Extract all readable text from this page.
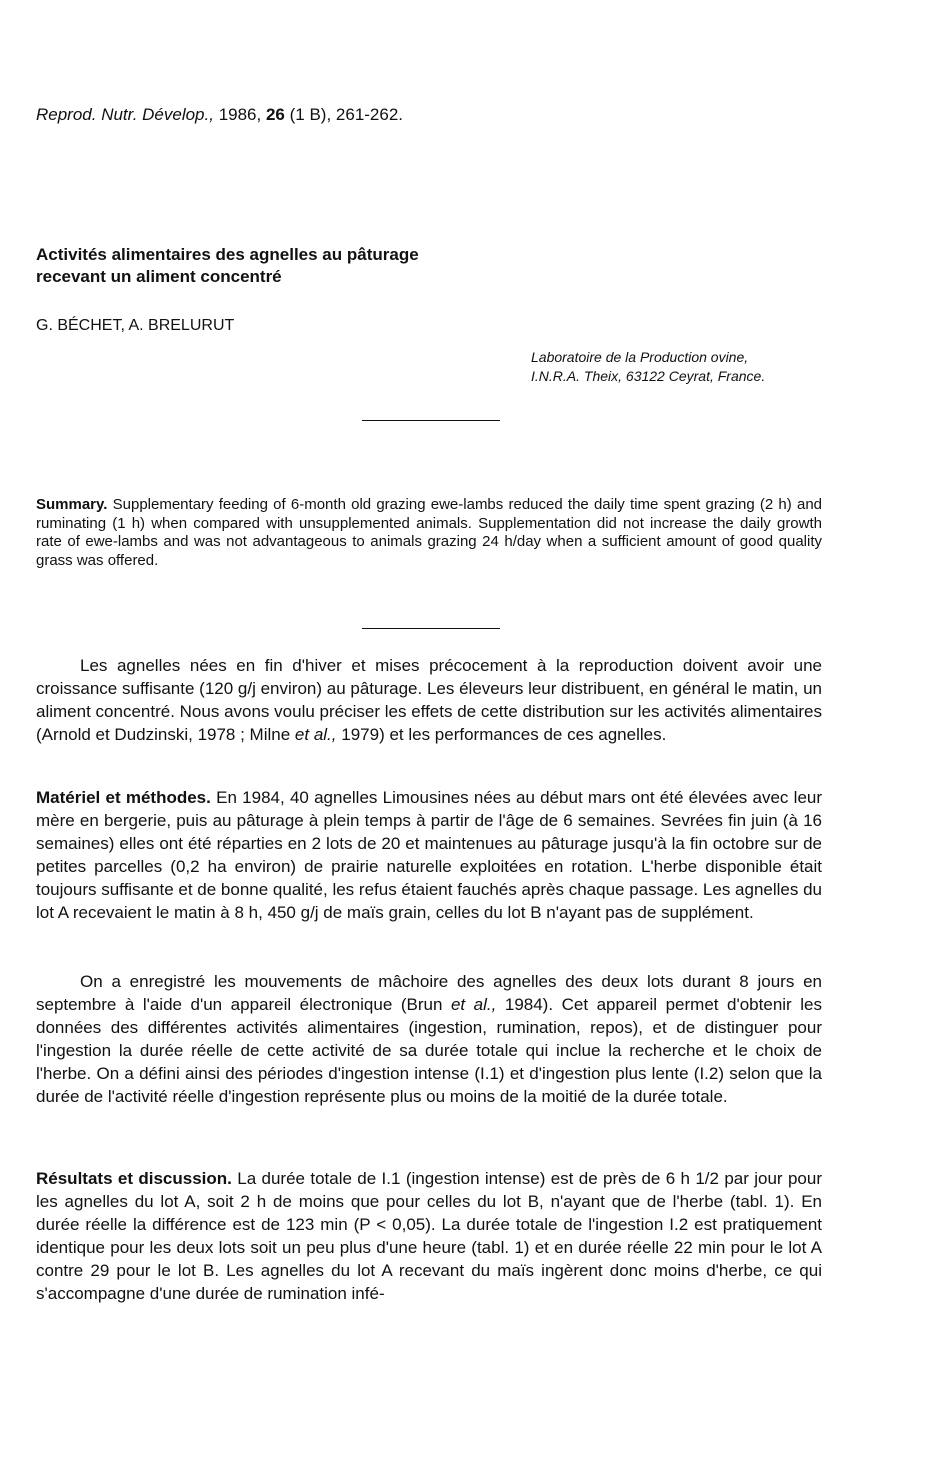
Reprod. Nutr. Dévelop., 1986, 26 (1 B), 261-262.
Activités alimentaires des agnelles au pâturage
recevant un aliment concentré
G. BÉCHET, A. BRELURUT
Laboratoire de la Production ovine,
I.N.R.A. Theix, 63122 Ceyrat, France.
Summary. Supplementary feeding of 6-month old grazing ewe-lambs reduced the daily time spent grazing (2 h) and ruminating (1 h) when compared with unsupplemented animals. Supplementation did not increase the daily growth rate of ewe-lambs and was not advantageous to animals grazing 24 h/day when a sufficient amount of good quality grass was offered.
Les agnelles nées en fin d'hiver et mises précocement à la reproduction doivent avoir une croissance suffisante (120 g/j environ) au pâturage. Les éleveurs leur distribuent, en général le matin, un aliment concentré. Nous avons voulu préciser les effets de cette distribution sur les activités alimentaires (Arnold et Dudzinski, 1978 ; Milne et al., 1979) et les performances de ces agnelles.
Matériel et méthodes. En 1984, 40 agnelles Limousines nées au début mars ont été élevées avec leur mère en bergerie, puis au pâturage à plein temps à partir de l'âge de 6 semaines. Sevrées fin juin (à 16 semaines) elles ont été réparties en 2 lots de 20 et maintenues au pâturage jusqu'à la fin octobre sur de petites parcelles (0,2 ha environ) de prairie naturelle exploitées en rotation. L'herbe disponible était toujours suffisante et de bonne qualité, les refus étaient fauchés après chaque passage. Les agnelles du lot A recevaient le matin à 8 h, 450 g/j de maïs grain, celles du lot B n'ayant pas de supplément.
On a enregistré les mouvements de mâchoire des agnelles des deux lots durant 8 jours en septembre à l'aide d'un appareil électronique (Brun et al., 1984). Cet appareil permet d'obtenir les données des différentes activités alimentaires (ingestion, rumination, repos), et de distinguer pour l'ingestion la durée réelle de cette activité de sa durée totale qui inclue la recherche et le choix de l'herbe. On a défini ainsi des périodes d'ingestion intense (I.1) et d'ingestion plus lente (I.2) selon que la durée de l'activité réelle d'ingestion représente plus ou moins de la moitié de la durée totale.
Résultats et discussion. La durée totale de I.1 (ingestion intense) est de près de 6 h 1/2 par jour pour les agnelles du lot A, soit 2 h de moins que pour celles du lot B, n'ayant que de l'herbe (tabl. 1). En durée réelle la différence est de 123 min (P < 0,05). La durée totale de l'ingestion I.2 est pratiquement identique pour les deux lots soit un peu plus d'une heure (tabl. 1) et en durée réelle 22 min pour le lot A contre 29 pour le lot B. Les agnelles du lot A recevant du maïs ingèrent donc moins d'herbe, ce qui s'accompagne d'une durée de rumination infé-
